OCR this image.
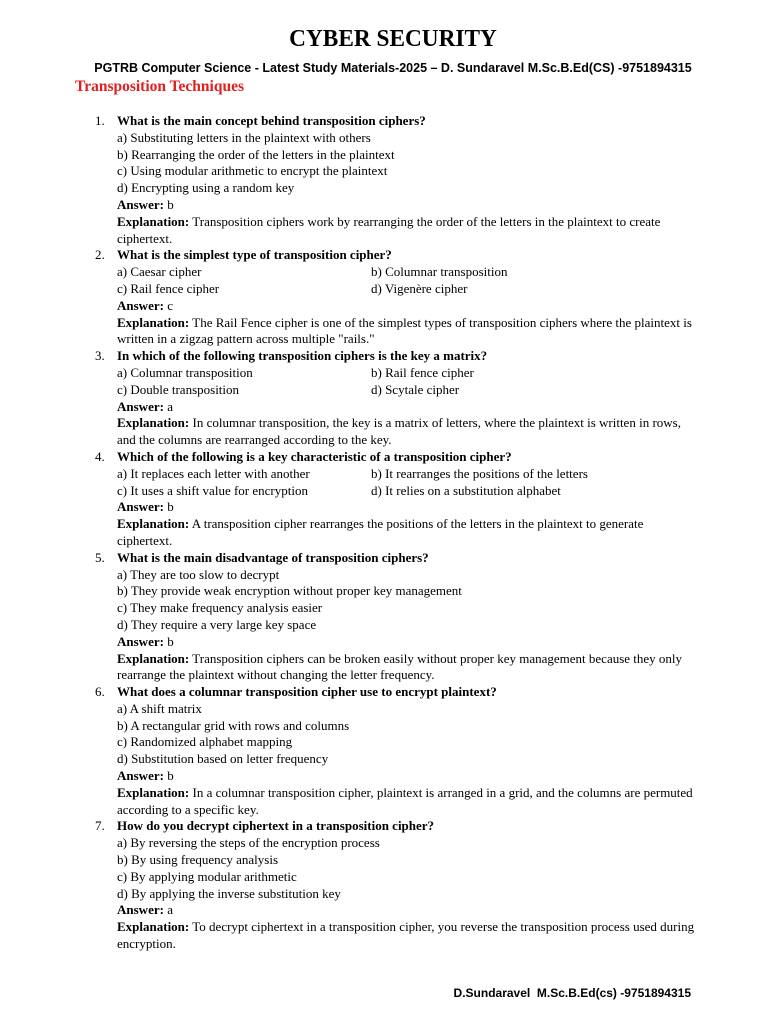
CYBER SECURITY
PGTRB Computer Science - Latest Study Materials-2025 – D. Sundaravel M.Sc.B.Ed(CS) -9751894315
Transposition Techniques
1. What is the main concept behind transposition ciphers?
a) Substituting letters in the plaintext with others
b) Rearranging the order of the letters in the plaintext
c) Using modular arithmetic to encrypt the plaintext
d) Encrypting using a random key
Answer: b
Explanation: Transposition ciphers work by rearranging the order of the letters in the plaintext to create ciphertext.
2. What is the simplest type of transposition cipher?
a) Caesar cipher	b) Columnar transposition
c) Rail fence cipher	d) Vigenère cipher
Answer: c
Explanation: The Rail Fence cipher is one of the simplest types of transposition ciphers where the plaintext is written in a zigzag pattern across multiple "rails."
3. In which of the following transposition ciphers is the key a matrix?
a) Columnar transposition	b) Rail fence cipher
c) Double transposition	d) Scytale cipher
Answer: a
Explanation: In columnar transposition, the key is a matrix of letters, where the plaintext is written in rows, and the columns are rearranged according to the key.
4. Which of the following is a key characteristic of a transposition cipher?
a) It replaces each letter with another	b) It rearranges the positions of the letters
c) It uses a shift value for encryption	d) It relies on a substitution alphabet
Answer: b
Explanation: A transposition cipher rearranges the positions of the letters in the plaintext to generate ciphertext.
5. What is the main disadvantage of transposition ciphers?
a) They are too slow to decrypt
b) They provide weak encryption without proper key management
c) They make frequency analysis easier
d) They require a very large key space
Answer: b
Explanation: Transposition ciphers can be broken easily without proper key management because they only rearrange the plaintext without changing the letter frequency.
6. What does a columnar transposition cipher use to encrypt plaintext?
a) A shift matrix
b) A rectangular grid with rows and columns
c) Randomized alphabet mapping
d) Substitution based on letter frequency
Answer: b
Explanation: In a columnar transposition cipher, plaintext is arranged in a grid, and the columns are permuted according to a specific key.
7. How do you decrypt ciphertext in a transposition cipher?
a) By reversing the steps of the encryption process
b) By using frequency analysis
c) By applying modular arithmetic
d) By applying the inverse substitution key
Answer: a
Explanation: To decrypt ciphertext in a transposition cipher, you reverse the transposition process used during encryption.
D.Sundaravel  M.Sc.B.Ed(cs) -9751894315
